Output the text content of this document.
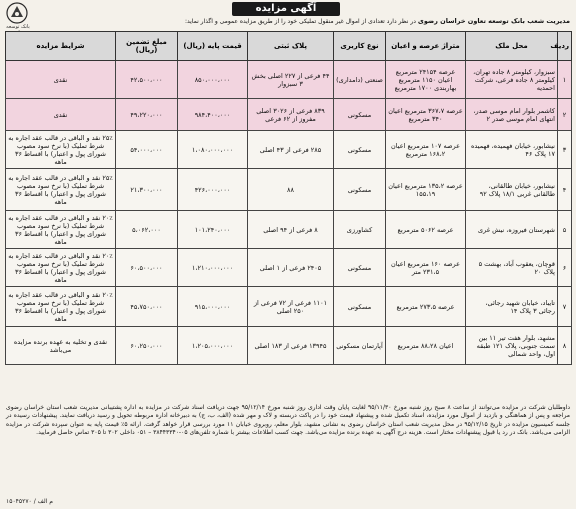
آگهی مزایده
بانک توسعه
مدیریت شعب بانک توسعه تعاون خراسان رضوی در نظر دارد تعدادی از اموال غیر منقول تملیکی خود را از طریق مزایده عمومی و اگذار نماید:
ردیف	محل ملک	متراژ عرصه و اعیان	نوع کاربری	پلاک ثبتی	قیمت پایه (ریال)	مبلغ تضمین (ریال)	شرایط مزایده
۱	سبزوار، کیلومتر ۸ جاده تهران، کیلومتر ۸ جاده فرعی، شرکت احمدیه	عرصه ۲۴۱۵۴ مترمربع اعیان ۱۱۵۰ مترمربع بهاربندی ۱۷۰۰ مترمربع	صنعتی (دامداری)	۴۴ فرعی از ۲۲۷ اصلی بخش ۳ سبزوار	۸۵۰،۰۰۰،۰۰۰	۴۲،۵۰۰،۰۰۰	نقدی
۲	کاشمر بلوار امام موسی صدر، انتهای امام موسی صدر ۲	عرصه ۳۶۷،۷ مترمربع اعیان ۳۴۰ مترمربع	مسکونی	۸۳۹ فرعی از ۳۰۲۶ اصلی مفروز از ۶۲ فرعی	۹۸۴،۴۰۰،۰۰۰	۴۹،۲۲۰،۰۰۰	نقدی
۳	نیشابور، خیابان فهمیده، فهمیده ۱۷ پلاک ۴۶	عرصه ۱۰۷ مترمربع اعیان ۱۶۸،۲ مترمربع	مسکونی	۲۸۵ فرعی از ۴۳ اصلی	۱،۰۸۰،۰۰۰،۰۰۰	۵۴،۰۰۰،۰۰۰	۲۵٪ نقد و الباقی در قالب عقد اجاره به شرط تملیک (با نرخ سود مصوب شورای پول و اعتبار) با اقساط ۳۶ ماهه
۴	نیشابور، خیابان طالقانی، طالقانی غربی ۱۸/۱ پلاک ۹۲	عرصه ۱۳۵،۲ مترمربع اعیان ۱۵۵،۱۹	مسکونی	۸۸	۴۲۶،۰۰۰،۰۰۰	۲۱،۳۰۰،۰۰۰	۲۵٪ نقد و الباقی در قالب عقد اجاره به شرط تملیک (با نرخ سود مصوب شورای پول و اعتبار) با اقساط ۳۶ ماهه
۵	شهرستان فیروزه، نیش غری	عرصه ۵۰۶۲ مترمربع	کشاورزی	۸ فرعی از ۹۴ اصلی	۱۰۱،۲۴۰،۰۰۰	۵،۰۶۲،۰۰۰	۲۰٪ نقد و الباقی در قالب عقد اجاره به شرط تملیک (با نرخ سود مصوب شورای پول و اعتبار) با اقساط ۳۶ ماهه
۶	قوچان، یعقوب آباد، بهشت ۵ پلاک ۲۰	عرصه ۱۶۰ مترمربع اعیان ۲۳۱،۵ متر	مسکونی	۲۴۰۵ فرعی از ۱ اصلی	۱،۲۱۰،۰۰۰،۰۰۰	۶۰،۵۰۰،۰۰۰	۲۰٪ نقد و الباقی در قالب عقد اجاره به شرط تملیک (با نرخ سود مصوب شورای پول و اعتبار) با اقساط ۳۶ ماهه
۷	تایباد، خیابان شهید رجائی، رجائی ۳ پلاک ۱۴	عرصه ۲۷۳،۵ مترمربع	مسکونی	۱۱۰۱ فرعی از ۷۲ فرعی از ۲۵۰ اصلی	۹۱۵،۰۰۰،۰۰۰	۴۵،۷۵۰،۰۰۰	۲۰٪ نقد و الباقی در قالب عقد اجاره به شرط تملیک (با نرخ سود مصوب شورای پول و اعتبار) با اقساط ۳۶ ماهه
۸	مشهد، بلوار هفت تیر ۱۱ بین سمت جنوبی، پلاک ۱۲۱ طبقه اول، واحد شمالی	اعیان ۸۸،۲۸ مترمربع	آپارتمان مسکونی	۱۳۹۴۵ فرعی از ۱۸۳ اصلی	۱،۲۰۵،۰۰۰،۰۰۰	۶۰،۲۵۰،۰۰۰	نقدی و تخلیه به عهده برنده مزایده می‌باشد
داوطلبان شرکت در مزایده می‌توانند از ساعت ۸ صبح روز شنبه مورخ ۹۵/۱۱/۳۰ لغایت پایان وقت اداری روز شنبه مورخ ۹۵/۱۲/۱۴ جهت دریافت اسناد شرکت در مزایده به اداره پشتیبانی مدیریت شعب استان خراسان رضوی مراجعه و پس از هماهنگی و بازدید از اموال مورد مزایده، اسناد تکمیل شده و پیشنهاد قیمت خود را در پاکت دربسته و لاک و مهر شده (الف، ب، ج) به دبیرخانه اداره مربوطه تحویل و رسید دریافت نمایند. پیشنهادات رسیده در جلسه کمیسیون مزایده در تاریخ ۹۵/۱۲/۱۵ در محل مدیریت شعب استان خراسان رضوی به نشانی مشهد، بلوار معلم، روبروی خیابان ۱۱ مورد بررسی قرار خواهد گرفت. ارائه ۵٪ قیمت پایه به عنوان سپرده شرکت در مزایده الزامی می‌باشد. بانک در رد یا قبول پیشنهادات مختار است. هزینه درج آگهی به عهده برنده مزایده می‌باشد. جهت کسب اطلاعات بیشتر با شماره تلفن‌های ۰۵-۳۸۴۴۳۳۴۰ – ۰۵۱ داخلی ۳۰۲ تا ۳۰۵ تماس حاصل فرمایید.
۱۵۰۴۵۲۷۰ / م الف
